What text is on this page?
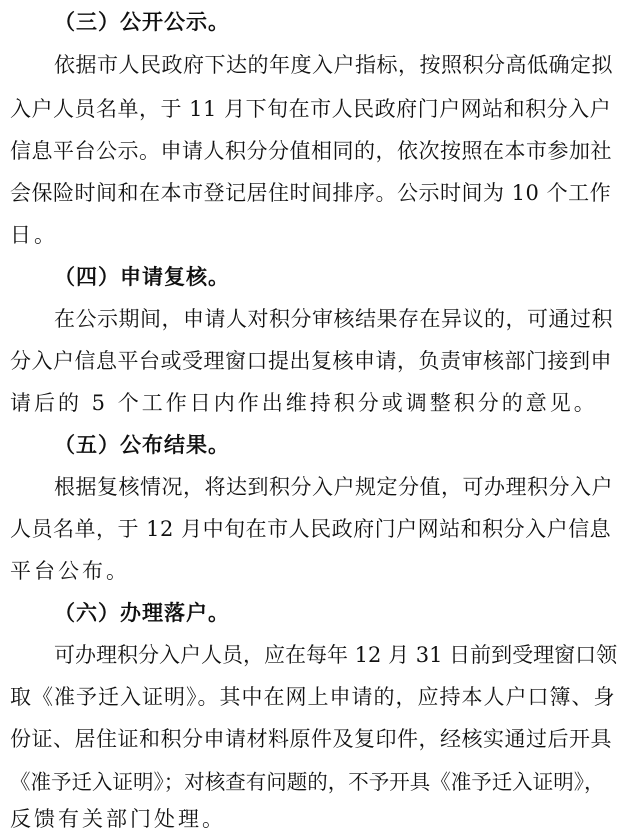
（三）公开公示。
依据市人民政府下达的年度入户指标，按照积分高低确定拟
入户人员名单，于 11 月下旬在市人民政府门户网站和积分入户
信息平台公示。申请人积分分值相同的，依次按照在本市参加社
会保险时间和在本市登记居住时间排序。公示时间为 10 个工作
日。
（四）申请复核。
在公示期间，申请人对积分审核结果存在异议的，可通过积
分入户信息平台或受理窗口提出复核申请，负责审核部门接到申
请后的 5 个工作日内作出维持积分或调整积分的意见。
（五）公布结果。
根据复核情况，将达到积分入户规定分值，可办理积分入户
人员名单，于 12 月中旬在市人民政府门户网站和积分入户信息
平台公布。
（六）办理落户。
可办理积分入户人员，应在每年 12 月 31 日前到受理窗口领
取《准予迁入证明》。其中在网上申请的，应持本人户口簿、身
份证、居住证和积分申请材料原件及复印件，经核实通过后开具
《准予迁入证明》；对核查有问题的，不予开具《准予迁入证明》，
反馈有关部门处理。
